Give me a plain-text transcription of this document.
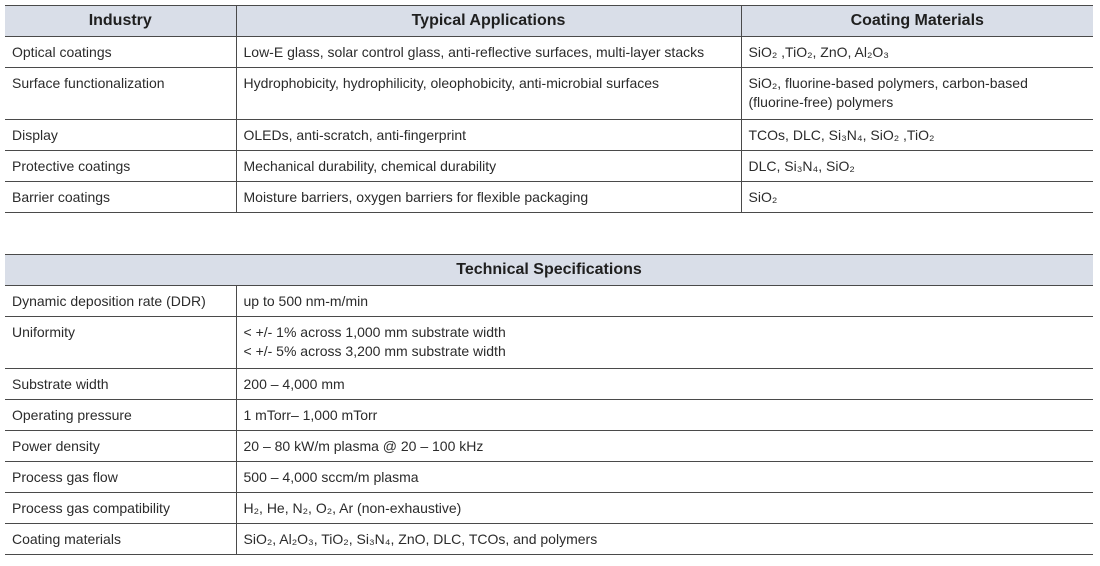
Industry	Typical Applications	Coating Materials
Optical coatings	Low-E glass, solar control glass, anti-reflective surfaces, multi-layer stacks	SiO₂ ,TiO₂, ZnO, Al₂O₃
Surface functionalization	Hydrophobicity, hydrophilicity, oleophobicity, anti-microbial surfaces	SiO₂, fluorine-based polymers, carbon-based (fluorine-free) polymers
Display	OLEDs, anti-scratch, anti-fingerprint	TCOs, DLC, Si₃N₄, SiO₂ ,TiO₂
Protective coatings	Mechanical durability, chemical durability	DLC, Si₃N₄, SiO₂
Barrier coatings	Moisture barriers, oxygen barriers for flexible packaging	SiO₂
Technical Specifications	
Dynamic deposition rate (DDR)	up to 500 nm-m/min
Uniformity	< +/- 1% across 1,000 mm substrate width
< +/- 5% across 3,200 mm substrate width

Substrate width	200 – 4,000 mm
Operating pressure	1 mTorr– 1,000 mTorr
Power density	20 – 80 kW/m plasma @ 20 – 100 kHz
Process gas flow	500 – 4,000 sccm/m plasma
Process gas compatibility	H₂, He, N₂, O₂, Ar (non-exhaustive)
Coating materials	SiO₂, Al₂O₃, TiO₂, Si₃N₄, ZnO, DLC, TCOs, and polymers
